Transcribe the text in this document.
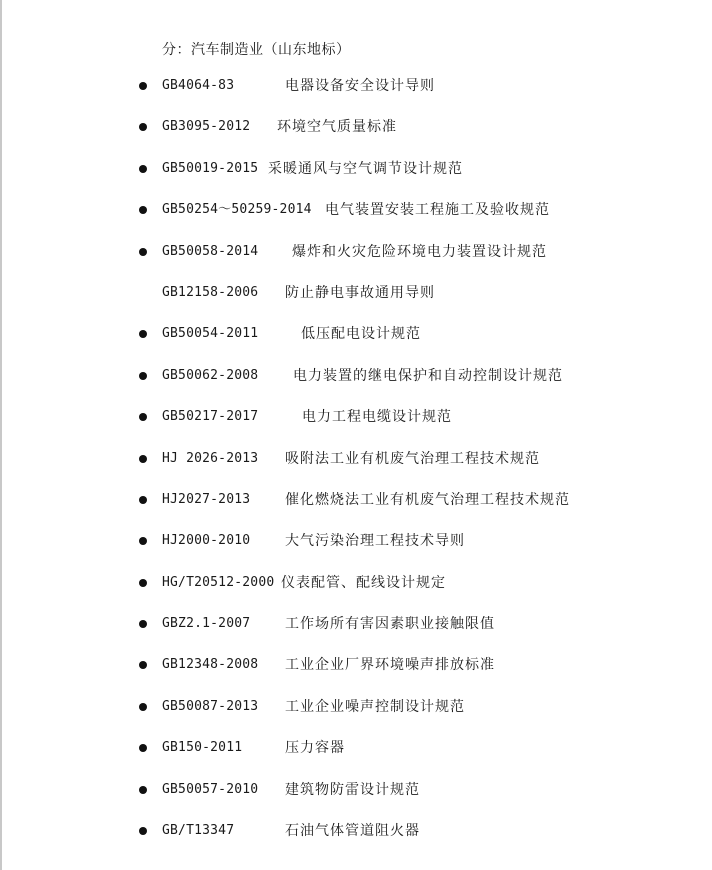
分：汽车制造业（山东地标）
GB4064-83	电器设备安全设计导则
GB3095-2012 环境空气质量标准
GB50019-2015 采暖通风与空气调节设计规范
GB50254～50259-2014 电气装置安装工程施工及验收规范
GB50058-2014 爆炸和火灾危险环境电力装置设计规范
GB12158-2006 防止静电事故通用导则
GB50054-2011	低压配电设计规范
GB50062-2008 电力装置的继电保护和自动控制设计规范
GB50217-2017	电力工程电缆设计规范
HJ 2026-2013 吸附法工业有机废气治理工程技术规范
HJ2027-2013 催化燃烧法工业有机废气治理工程技术规范
HJ2000-2010 大气污染治理工程技术导则
HG/T20512-2000 仪表配管、配线设计规定
GBZ2.1-2007 工作场所有害因素职业接触限值
GB12348-2008 工业企业厂界环境噪声排放标准
GB50087-2013 工业企业噪声控制设计规范
GB150-2011	压力容器
GB50057-2010 建筑物防雷设计规范
GB/T13347	石油气体管道阻火器
